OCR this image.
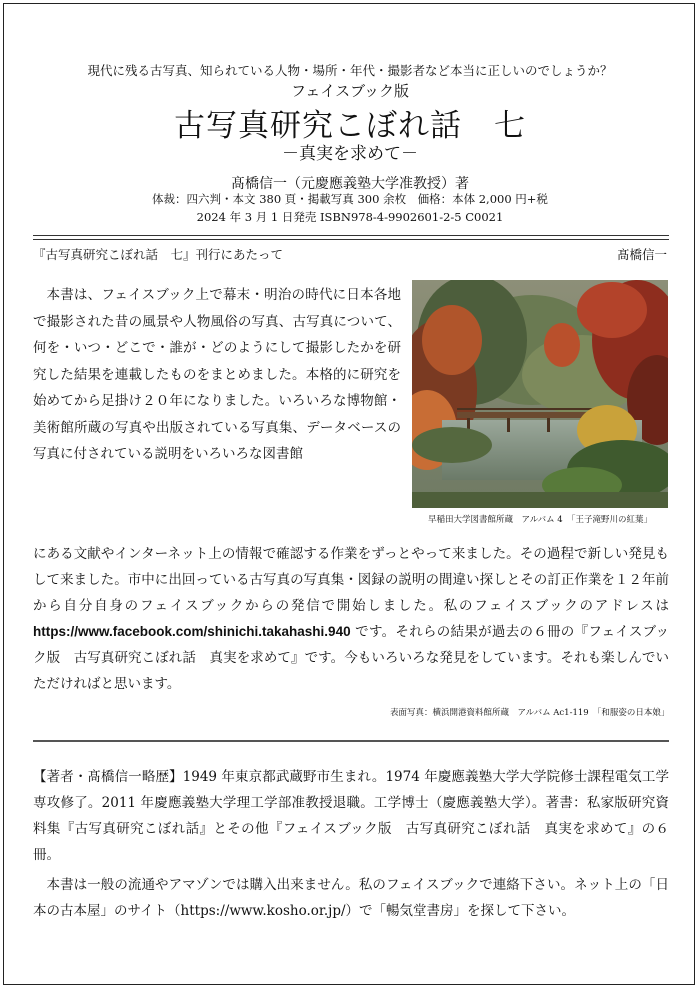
現代に残る古写真、知られている人物・場所・年代・撮影者など本当に正しいのでしょうか？
フェイスブック版
古写真研究こぼれ話　七
－真実を求めて－
髙橋信一（元慶應義塾大学准教授）著
体裁：四六判・本文 380 頁・掲載写真 300 余枚　価格：本体 2,000 円+税
2024 年 3 月 1 日発売 ISBN978-4-9902601-2-5 C0021
『古写真研究こぼれ話　七』刊行にあたって	髙橋信一

本書は、フェイスブック上で幕末・明治の時代に日本各地で撮影された昔の風景や人物風俗の写真、古写真について、何を・いつ・どこで・誰が・どのようにして撮影したかを研究した結果を連載したものをまとめました。本格的に研究を始めてから足掛け２０年になりました。いろいろな博物館・美術館所蔵の写真や出版されている写真集、データベースの写真に付されている説明をいろいろな図書館

早稲田大学図書館所蔵　アルバム 4　「王子滝野川の紅葉」

にある文献やインターネット上の情報で確認する作業をずっとやって来ました。その過程で新しい発見もして来ました。市中に出回っている古写真の写真集・図録の説明の間違い探しとその訂正作業を１２年前から自分自身のフェイスブックからの発信で開始しました。私のフェイスブックのアドレスは https://www.facebook.com/shinichi.takahashi.940 です。それらの結果が過去の６冊の『フェイスブック版　古写真研究こぼれ話　真実を求めて』です。今もいろいろな発見をしています。それも楽しんでいただければと思います。

表面写真：横浜開港資料館所蔵　アルバム Ac1-119　「和服姿の日本娘」

【著者・髙橋信一略歴】1949 年東京都武蔵野市生まれ。1974 年慶應義塾大学大学院修士課程電気工学専攻修了。2011 年慶應義塾大学理工学部准教授退職。工学博士（慶應義塾大学）。著書：私家版研究資料集『古写真研究こぼれ話』とその他『フェイスブック版　古写真研究こぼれ話　真実を求めて』の６冊。

本書は一般の流通やアマゾンでは購入出来ません。私のフェイスブックで連絡下さい。ネット上の「日本の古本屋」のサイト（https://www.kosho.or.jp/）で「暢気堂書房」を探して下さい。
